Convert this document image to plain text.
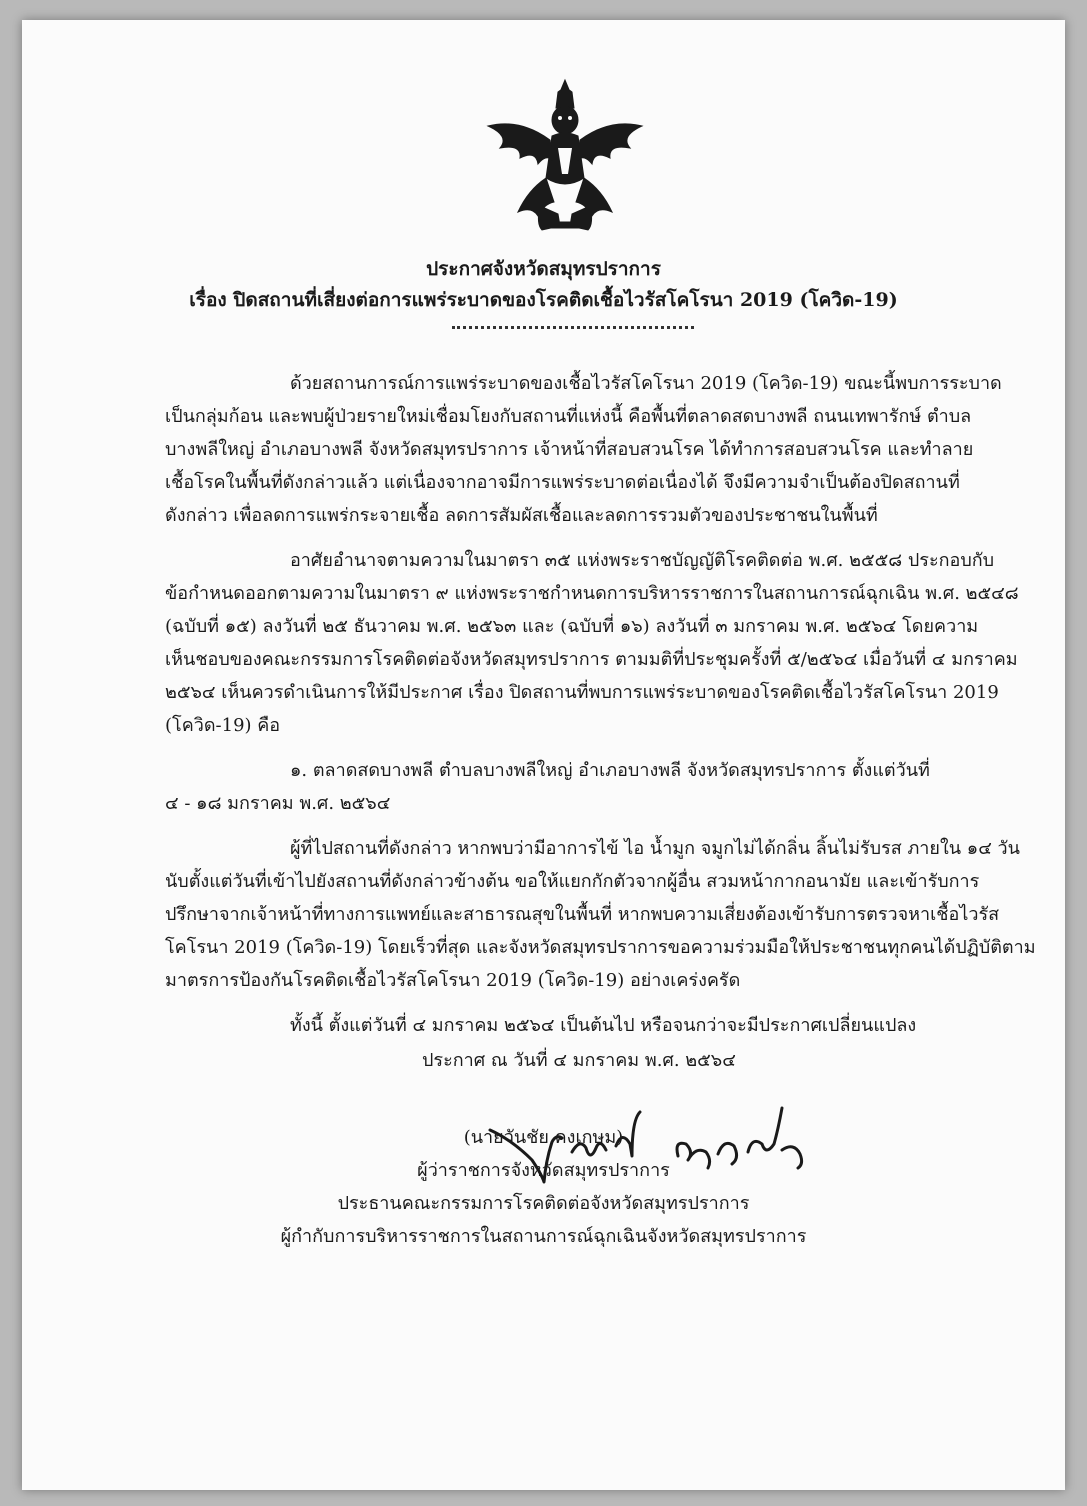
ประกาศจังหวัดสมุทรปราการ
เรื่อง ปิดสถานที่เสี่ยงต่อการแพร่ระบาดของโรคติดเชื้อไวรัสโคโรนา 2019 (โควิด-19)
ด้วยสถานการณ์การแพร่ระบาดของเชื้อไวรัสโคโรนา 2019 (โควิด-19) ขณะนี้พบการระบาด
เป็นกลุ่มก้อน และพบผู้ป่วยรายใหม่เชื่อมโยงกับสถานที่แห่งนี้ คือพื้นที่ตลาดสดบางพลี ถนนเทพารักษ์ ตำบล
บางพลีใหญ่ อำเภอบางพลี จังหวัดสมุทรปราการ เจ้าหน้าที่สอบสวนโรค ได้ทำการสอบสวนโรค และทำลาย
เชื้อโรคในพื้นที่ดังกล่าวแล้ว แต่เนื่องจากอาจมีการแพร่ระบาดต่อเนื่องได้ จึงมีความจำเป็นต้องปิดสถานที่
ดังกล่าว เพื่อลดการแพร่กระจายเชื้อ ลดการสัมผัสเชื้อและลดการรวมตัวของประชาชนในพื้นที่
อาศัยอำนาจตามความในมาตรา ๓๕ แห่งพระราชบัญญัติโรคติดต่อ พ.ศ. ๒๕๕๘ ประกอบกับ
ข้อกำหนดออกตามความในมาตรา ๙ แห่งพระราชกำหนดการบริหารราชการในสถานการณ์ฉุกเฉิน พ.ศ. ๒๕๔๘
(ฉบับที่ ๑๕) ลงวันที่ ๒๕ ธันวาคม พ.ศ. ๒๕๖๓ และ (ฉบับที่ ๑๖) ลงวันที่ ๓ มกราคม พ.ศ. ๒๕๖๔ โดยความ
เห็นชอบของคณะกรรมการโรคติดต่อจังหวัดสมุทรปราการ ตามมติที่ประชุมครั้งที่ ๕/๒๕๖๔ เมื่อวันที่ ๔ มกราคม
๒๕๖๔ เห็นควรดำเนินการให้มีประกาศ เรื่อง ปิดสถานที่พบการแพร่ระบาดของโรคติดเชื้อไวรัสโคโรนา 2019
(โควิด-19) คือ
๑. ตลาดสดบางพลี ตำบลบางพลีใหญ่ อำเภอบางพลี จังหวัดสมุทรปราการ ตั้งแต่วันที่
๔ - ๑๘ มกราคม พ.ศ. ๒๕๖๔
ผู้ที่ไปสถานที่ดังกล่าว หากพบว่ามีอาการไข้ ไอ น้ำมูก จมูกไม่ได้กลิ่น ลิ้นไม่รับรส ภายใน ๑๔ วัน
นับตั้งแต่วันที่เข้าไปยังสถานที่ดังกล่าวข้างต้น ขอให้แยกกักตัวจากผู้อื่น สวมหน้ากากอนามัย และเข้ารับการ
ปรึกษาจากเจ้าหน้าที่ทางการแพทย์และสาธารณสุขในพื้นที่ หากพบความเสี่ยงต้องเข้ารับการตรวจหาเชื้อไวรัส
โคโรนา 2019 (โควิด-19) โดยเร็วที่สุด และจังหวัดสมุทรปราการขอความร่วมมือให้ประชาชนทุกคนได้ปฏิบัติตาม
มาตรการป้องกันโรคติดเชื้อไวรัสโคโรนา 2019 (โควิด-19) อย่างเคร่งครัด
ทั้งนี้ ตั้งแต่วันที่ ๔ มกราคม ๒๕๖๔ เป็นต้นไป หรือจนกว่าจะมีประกาศเปลี่ยนแปลง
ประกาศ ณ วันที่ ๔ มกราคม พ.ศ. ๒๕๖๔
(นายวันชัย คงเกษม)
ผู้ว่าราชการจังหวัดสมุทรปราการ
ประธานคณะกรรมการโรคติดต่อจังหวัดสมุทรปราการ
ผู้กำกับการบริหารราชการในสถานการณ์ฉุกเฉินจังหวัดสมุทรปราการ
